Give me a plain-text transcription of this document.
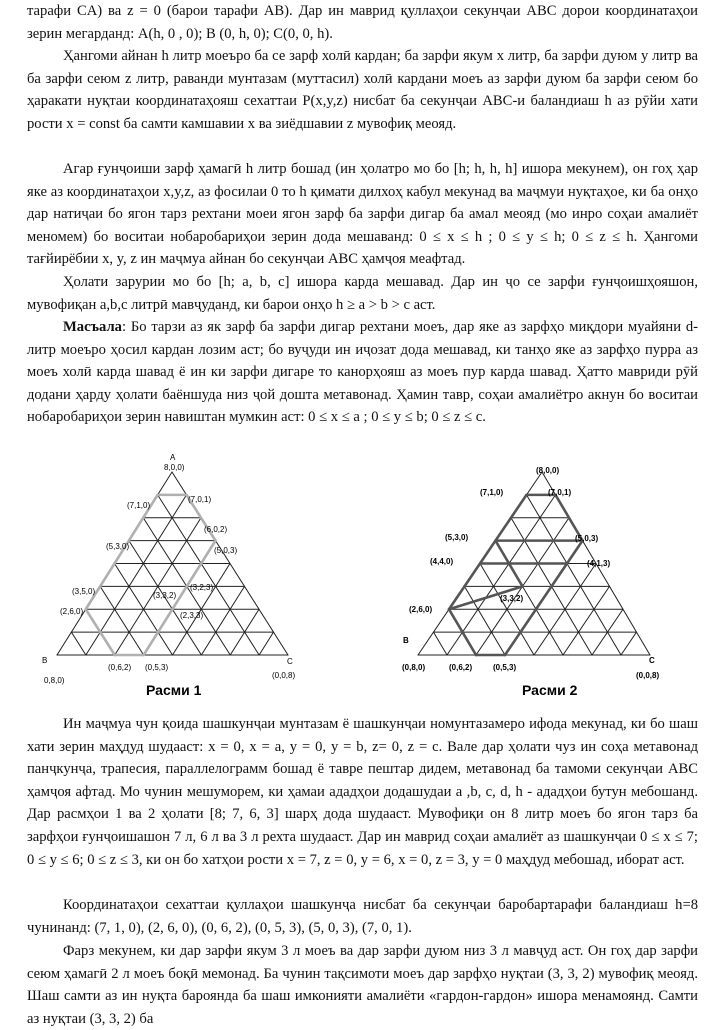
тарафи CA) ва z = 0 (барои тарафи AB). Дар ин маврид қуллаҳои секунҷаи ABC дорои координатаҳои зерин мегарданд: A(h, 0 , 0); B (0, h, 0); C(0, 0, h).

Ҳангоми айнан h литр моеъро ба се зарф холӣ кардан; ба зарфи якум x литр, ба зарфи дуюм y литр ва ба зарфи сеюм z литр, раванди мунтазам (муттасил) холӣ кардани моеъ аз зарфи дуюм ба зарфи сеюм бо ҳаракати нуқтаи координатаҳояш сехаттаи P(x,y,z) нисбат ба секунҷаи ABC-и баландиаш h аз рӯйи хати рости x = const ба самти камшавии x ва зиёдшавии z мувофиқ меояд.

Агар ғунҷоиши зарф ҳамагӣ h литр бошад (ин ҳолатро мо бо [h; h, h, h] ишора мекунем), он гоҳ ҳар яке аз координатаҳои x,y,z, аз фосилаи 0 то h қимати дилхоҳ кабул мекунад ва маҷмуи нуқтаҳое, ки ба онҳо дар натиҷаи бо ягон тарз рехтани моеи ягон зарф ба зарфи дигар ба амал меояд (мо инро соҳаи амалиёт меномем) бо воситаи нобаробариҳои зерин дода мешаванд: 0 ≤ x ≤ h ; 0 ≤ y ≤ h; 0 ≤ z ≤ h. Ҳангоми тағйирёбии x, y, z ин маҷмуа айнан бо секунҷаи ABC ҳамҷоя меафтад.

Ҳолати зарурии мо бо [h; a, b, c] ишора карда мешавад. Дар ин ҷо се зарфи ғунҷоишҳояшон, мувофиқан a,b,c литрӣ мавҷуданд, ки барои онҳо h ≥ a > b > c аст.

Масъала: Бо тарзи аз як зарф ба зарфи дигар рехтани моеъ, дар яке аз зарфҳо миқдори муайяни d-литр моеъро ҳосил кардан лозим аст; бо вуҷуди ин иҷозат дода мешавад, ки танҳо яке аз зарфҳо пурра аз моеъ холӣ карда шавад ё ин ки зарфи дигаре то канорҳояш аз моеъ пур карда шавад. Ҳатто мавриди рӯй додани ҳарду ҳолати баёншуда низ ҷой дошта метавонад. Ҳамин тавр, соҳаи амалиётро акнун бо воситаи нобаробариҳои зерин навиштан мумкин аст: 0 ≤ x ≤ a ; 0 ≤ y ≤ b; 0 ≤ z ≤ c.

A
8,0,0)
(7,1,0)
(7,0,1)
(6,0,2)
(5,3,0)	(5,0,3)
(3,5,0)	(3,3,2)
(3,2,3)
(2,6,0)	(2,3,3)
(0,6,2) (0,5,3)
B
0,8,0)
C
(0,0,8)
Расми 1
(8,0,0)
(7,1,0)	(7,0,1)
(5,3,0)	(5,0,3)
(4,4,0)	(4,1,3)
(3,3,2)
(2,6,0)
B
(0,8,0)	(0,6,2)	(0,5,3)
C
(0,0,8)
Расми 2

Ин маҷмуа чун қоида шашкунҷаи мунтазам ё шашкунҷаи номунтазамеро ифода мекунад, ки бо шаш хати зерин маҳдуд шудааст: x = 0, x = a, y = 0, y = b, z= 0, z = c. Вале дар ҳолати чуз ин соҳа метавонад панҷкунҷа, трапесия, параллелограмм бошад ё тавре пештар дидем, метавонад ба тамоми секунҷаи ABC ҳамҷоя афтад. Мо чунин мешуморем, ки ҳамаи ададҳои додашудаи a ,b, c, d, h - ададҳои бутун мебошанд. Дар расмҳои 1 ва 2 ҳолати [8; 7, 6, 3] шарҳ дода шудааст. Мувофиқи он 8 литр моеъ бо ягон тарз ба зарфҳои ғунҷоишашон 7 л, 6 л ва 3 л рехта шудааст. Дар ин маврид соҳаи амалиёт аз шашкунҷаи 0 ≤ x ≤ 7; 0 ≤ y ≤ 6; 0 ≤ z ≤ 3, ки он бо хатҳои рости x = 7, z = 0, y = 6, x = 0, z = 3, y = 0 маҳдуд мебошад, иборат аст.

Координатаҳои сехаттаи қуллаҳои шашкунҷа нисбат ба секунҷаи баробартарафи баландиаш h=8 чунинанд: (7, 1, 0), (2, 6, 0), (0, 6, 2), (0, 5, 3), (5, 0, 3), (7, 0, 1).

Фарз мекунем, ки дар зарфи якум 3 л моеъ ва дар зарфи дуюм низ 3 л мавҷуд аст. Он гоҳ дар зарфи сеюм ҳамагӣ 2 л моеъ боқӣ мемонад. Ба чунин тақсимоти моеъ дар зарфҳо нуқтаи (3, 3, 2) мувофиқ меояд. Шаш самти аз ин нуқта бароянда ба шаш имконияти амалиёти «гардон-гардон» ишора менамоянд. Самти аз нуқтаи (3, 3, 2) ба
